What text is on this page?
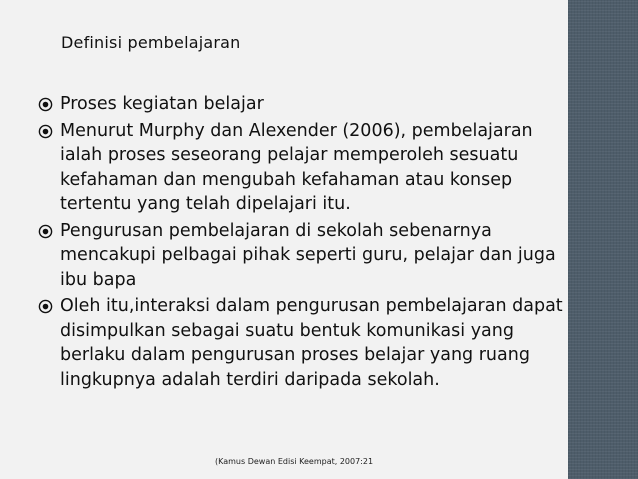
Definisi pembelajaran
Proses kegiatan belajar
Menurut Murphy dan Alexender (2006), pembelajaran ialah proses seseorang pelajar memperoleh sesuatu kefahaman dan mengubah kefahaman atau konsep tertentu yang telah dipelajari itu.
Pengurusan pembelajaran di sekolah sebenarnya mencakupi pelbagai pihak seperti guru, pelajar dan juga ibu bapa
Oleh itu,interaksi dalam pengurusan pembelajaran dapat disimpulkan sebagai suatu bentuk komunikasi yang berlaku dalam pengurusan proses belajar yang ruang lingkupnya adalah terdiri daripada sekolah.
(Kamus Dewan Edisi Keempat, 2007:21
